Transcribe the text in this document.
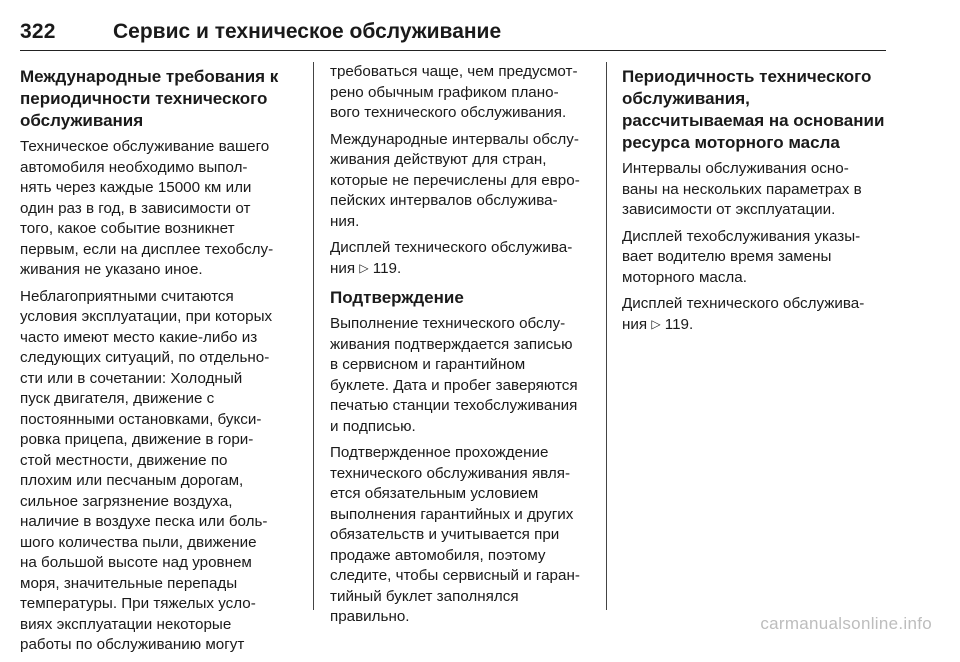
322	Сервис и техническое обслуживание
Международные требования к
периодичности технического
обслуживания

Техническое обслуживание вашего
автомобиля необходимо выпол-
нять через каждые 15000 км или
один раз в год, в зависимости от
того, какое событие возникнет
первым, если на дисплее техобслу-
живания не указано иное.

Неблагоприятными считаются
условия эксплуатации, при которых
часто имеют место какие-либо из
следующих ситуаций, по отдельно-
сти или в сочетании: Холодный
пуск двигателя, движение с
постоянными остановками, букси-
ровка прицепа, движение в гори-
стой местности, движение по
плохим или песчаным дорогам,
сильное загрязнение воздуха,
наличие в воздухе песка или боль-
шого количества пыли, движение
на большой высоте над уровнем
моря, значительные перепады
температуры. При тяжелых усло-
виях эксплуатации некоторые
работы по обслуживанию могут

требоваться чаще, чем предусмот-
рено обычным графиком плано-
вого технического обслуживания.

Международные интервалы обслу-
живания действуют для стран,
которые не перечислены для евро-
пейских интервалов обслужива-
ния.

Дисплей технического обслужива-
ния ▷ 119.

Подтверждение

Выполнение технического обслу-
живания подтверждается записью
в сервисном и гарантийном
буклете. Дата и пробег заверяются
печатью станции техобслуживания
и подписью.

Подтвержденное прохождение
технического обслуживания явля-
ется обязательным условием
выполнения гарантийных и других
обязательств и учитывается при
продаже автомобиля, поэтому
следите, чтобы сервисный и гаран-
тийный буклет заполнялся
правильно.

Периодичность технического
обслуживания,
рассчитываемая на основании
ресурса моторного масла

Интервалы обслуживания осно-
ваны на нескольких параметрах в
зависимости от эксплуатации.

Дисплей техобслуживания указы-
вает водителю время замены
моторного масла.

Дисплей технического обслужива-
ния ▷ 119.

carmanualsonline.info
